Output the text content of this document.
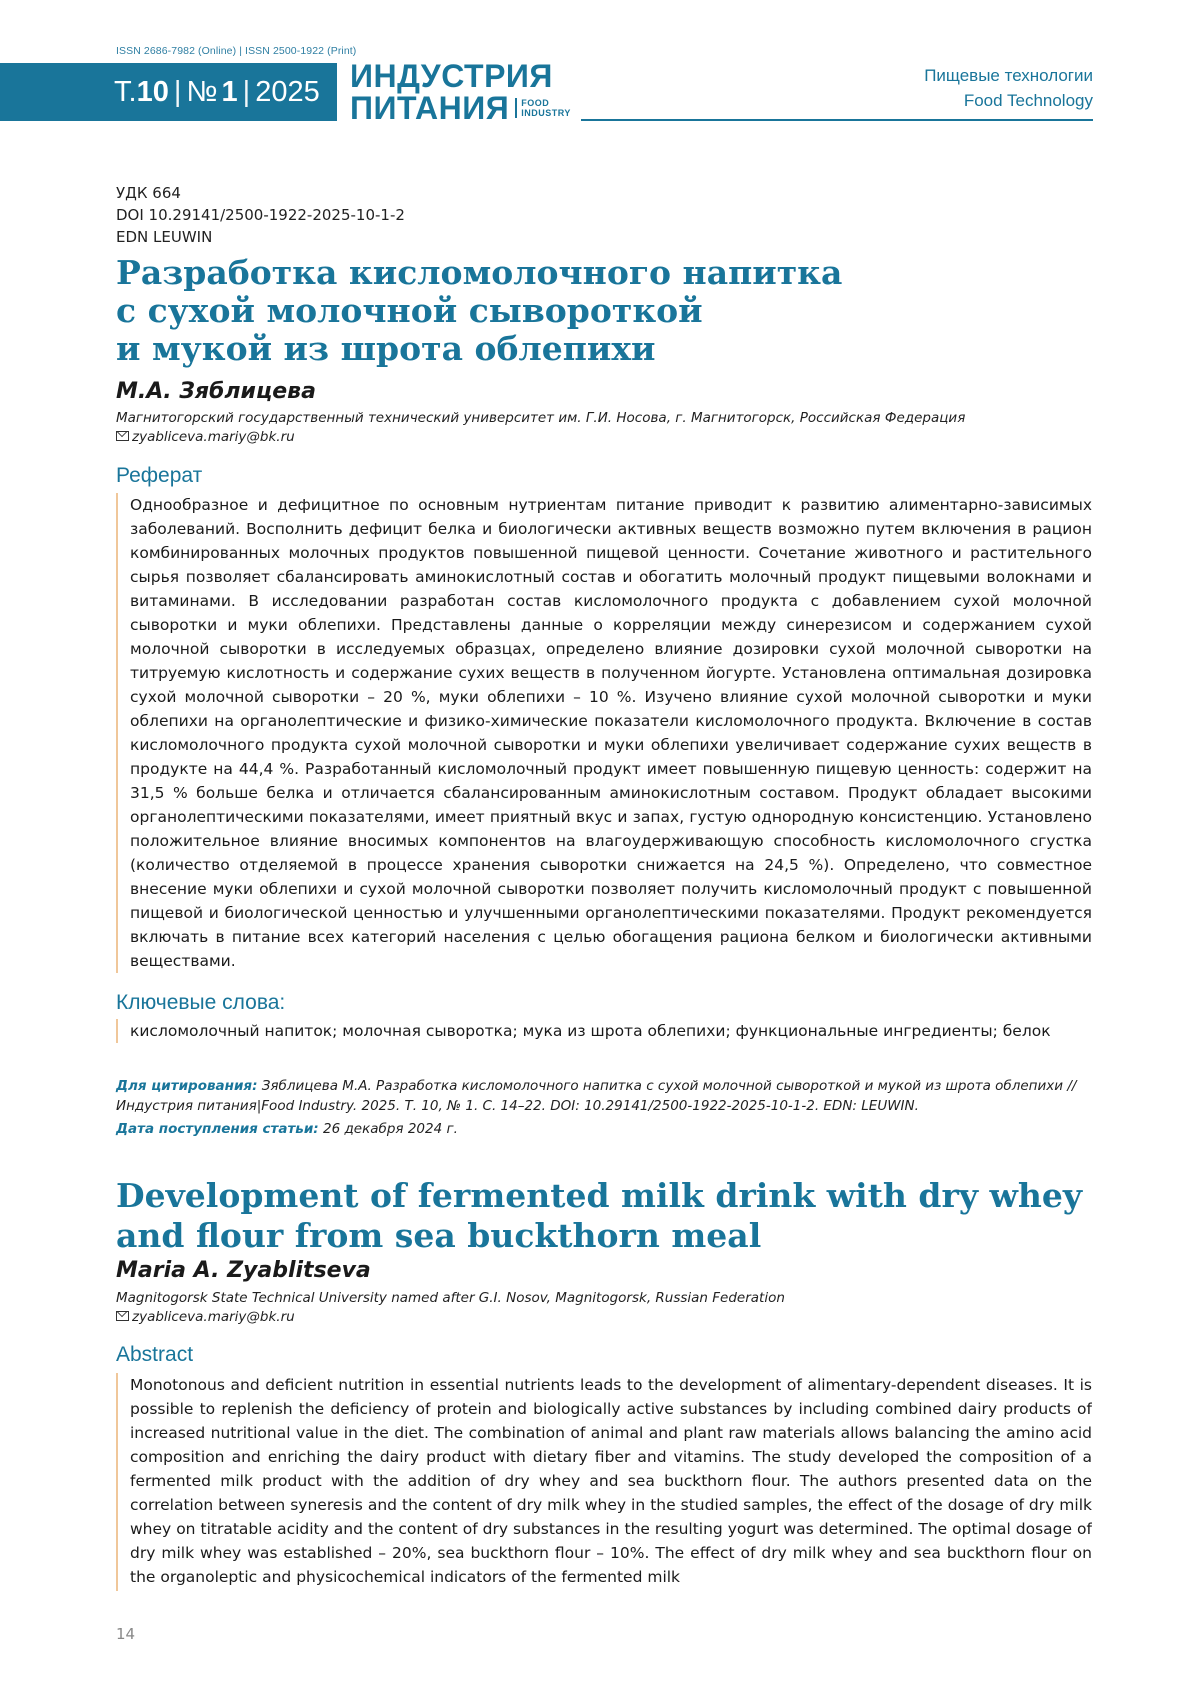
ISSN 2686-7982 (Online) | ISSN 2500-1922 (Print)
Т. 10 | № 1 | 2025 ИНДУСТРИЯ
ПИТАНИЯ	FOOD
INDUSTRY
Пищевые технологии
Food Technology
УДК 664
DOI 10.29141/2500-1922-2025-10-1-2
EDN LEUWIN
Разработка кисломолочного напитка
с сухой молочной сывороткой
и мукой из шрота облепихи
М.А. Зяблицева
Магнитогорский государственный технический университет им. Г.И. Носова, г. Магнитогорск, Российская Федерация
zyabliceva.mariy@bk.ru
Реферат
Однообразное и дефицитное по основным нутриентам питание приводит к развитию алиментарно-зависимых заболеваний. Восполнить дефицит белка и биологически активных веществ возможно путем включения в рацион комбинированных молочных продуктов повышенной пищевой ценности. Сочетание животного и растительного сырья позволяет сбалансировать аминокислотный состав и обогатить молочный продукт пищевыми волокнами и витаминами. В исследовании разработан состав кисломолочного продукта с добавлением сухой молочной сыворотки и муки облепихи. Представлены данные о корреляции между синерезисом и содержанием сухой молочной сыворотки в исследуемых образцах, определено влияние дозировки сухой молочной сыворотки на титруемую кислотность и содержание сухих веществ в полученном йогурте. Установлена оптимальная дозировка сухой молочной сыворотки – 20 %, муки облепихи – 10 %. Изучено влияние сухой молочной сыворотки и муки облепихи на органолептические и физико-химические показатели кисломолочного продукта. Включение в состав кисломолочного продукта сухой молочной сыворотки и муки облепихи увеличивает содержание сухих веществ в продукте на 44,4 %. Разработанный кисломолочный продукт имеет повышенную пищевую ценность: содержит на 31,5 % больше белка и отличается сбалансированным аминокислотным составом. Продукт обладает высокими органолептическими показателями, имеет приятный вкус и запах, густую однородную консистенцию. Установлено положительное влияние вносимых компонентов на влагоудерживающую способность кисломолочного сгустка (количество отделяемой в процессе хранения сыворотки снижается на 24,5 %). Определено, что совместное внесение муки облепихи и сухой молочной сыворотки позволяет получить кисломолочный продукт с повышенной пищевой и биологической ценностью и улучшенными органолептическими показателями. Продукт рекомендуется включать в питание всех категорий населения с целью обогащения рациона белком и биологически активными веществами.
Ключевые слова:
кисломолочный напиток; молочная сыворотка; мука из шрота облепихи; функциональные ингредиенты; белок
Для цитирования: Зяблицева М.А. Разработка кисломолочного напитка с сухой молочной сывороткой и мукой из шрота облепихи // Индустрия питания|Food Industry. 2025. Т. 10, № 1. С. 14–22. DOI: 10.29141/2500-1922-2025-10-1-2. EDN: LEUWIN.
Дата поступления статьи: 26 декабря 2024 г.
Development of fermented milk drink with dry whey
and flour from sea buckthorn meal
Maria A. Zyablitseva
Magnitogorsk State Technical University named after G.I. Nosov, Magnitogorsk, Russian Federation
zyabliceva.mariy@bk.ru
Abstract
Monotonous and deficient nutrition in essential nutrients leads to the development of alimentary-dependent diseases. It is possible to replenish the deficiency of protein and biologically active substances by including combined dairy products of increased nutritional value in the diet. The combination of animal and plant raw materials allows balancing the amino acid composition and enriching the dairy product with dietary fiber and vitamins. The study developed the composition of a fermented milk product with the addition of dry whey and sea buckthorn flour. The authors presented data on the correlation between syneresis and the content of dry milk whey in the studied samples, the effect of the dosage of dry milk whey on titratable acidity and the content of dry substances in the resulting yogurt was determined. The optimal dosage of dry milk whey was established – 20%, sea buckthorn flour – 10%. The effect of dry milk whey and sea buckthorn flour on the organoleptic and physicochemical indicators of the fermented milk
14
